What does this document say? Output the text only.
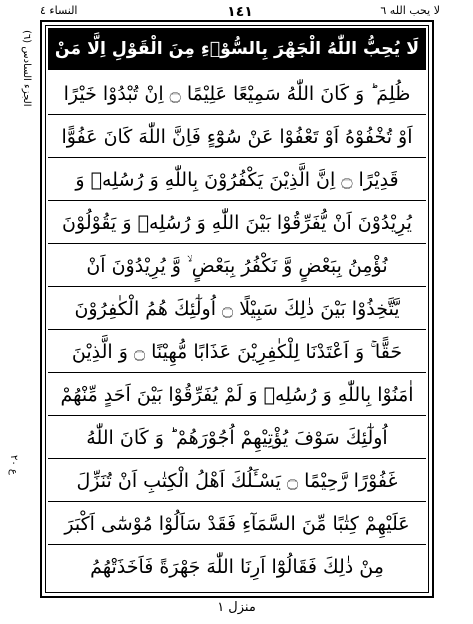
لا يحب الله ٦
١٤١
النساء ٤
الجزء السادس (٦)
ع ٢٠
لَا يُحِبُّ اللّٰهُ الْجَهْرَ بِالسُّوْۤءِ مِنَ الْقَوْلِ اِلَّا مَنْ
ظُلِمَ ؕ وَ كَانَ اللّٰهُ سَمِيْعًا عَلِيْمًا ۝ اِنْ تُبْدُوْا خَيْرًا
اَوْ تُخْفُوْهُ اَوْ تَعْفُوْا عَنْ سُوْٓءٍ فَاِنَّ اللّٰهَ كَانَ عَفُوًّا
قَدِيْرًا ۝ اِنَّ الَّذِيْنَ يَكْفُرُوْنَ بِاللّٰهِ وَ رُسُلِهٖ وَ
يُرِيْدُوْنَ اَنْ يُّفَرِّقُوْا بَيْنَ اللّٰهِ وَ رُسُلِهٖ وَ يَقُوْلُوْنَ
نُؤْمِنُ بِبَعْضٍ وَّ نَكْفُرُ بِبَعْضٍ ۙ وَّ يُرِيْدُوْنَ اَنْ
يَّتَّخِذُوْا بَيْنَ ذٰلِكَ سَبِيْلًا ۝ اُولٰٓئِكَ هُمُ الْكٰفِرُوْنَ
حَقًّا ۚ وَ اَعْتَدْنَا لِلْكٰفِرِيْنَ عَذَابًا مُّهِيْنًا ۝ وَ الَّذِيْنَ
اٰمَنُوْا بِاللّٰهِ وَ رُسُلِهٖ وَ لَمْ يُفَرِّقُوْا بَيْنَ اَحَدٍ مِّنْهُمْ
اُولٰٓئِكَ سَوْفَ يُؤْتِيْهِمْ اُجُوْرَهُمْ ؕ وَ كَانَ اللّٰهُ
غَفُوْرًا رَّحِيْمًا ۝ يَسْـَٔلُكَ اَهْلُ الْكِتٰبِ اَنْ تُنَزِّلَ
عَلَيْهِمْ كِتٰبًا مِّنَ السَّمَآءِ فَقَدْ سَاَلُوْا مُوْسٰٓى اَكْبَرَ
مِنْ ذٰلِكَ فَقَالُوْٓا اَرِنَا اللّٰهَ جَهْرَةً فَاَخَذَتْهُمُ
منزل ١
